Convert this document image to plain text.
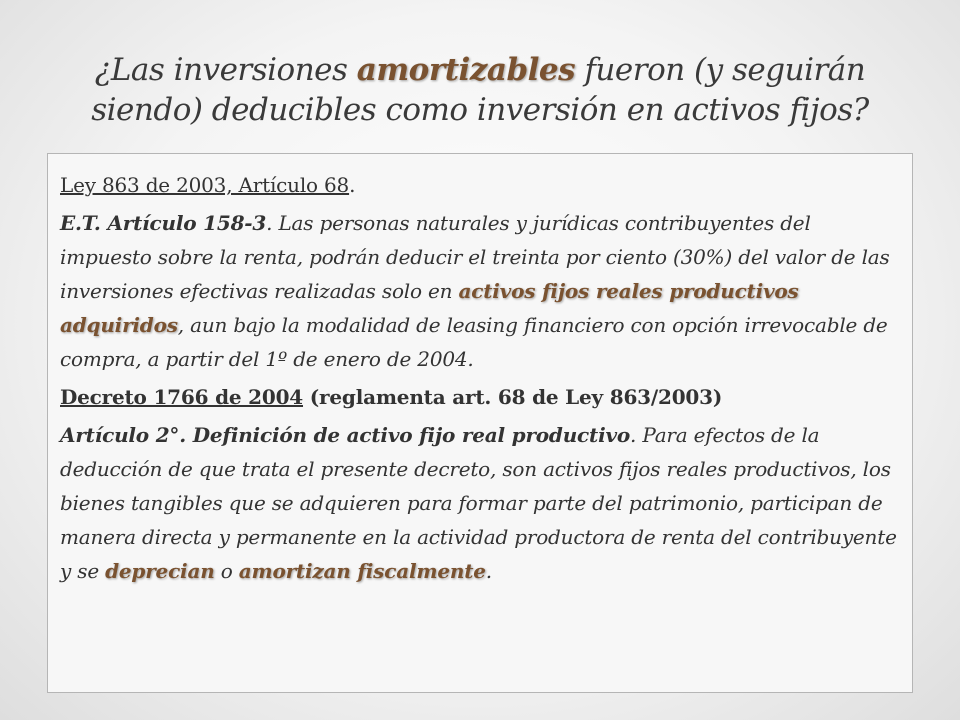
¿Las inversiones amortizables fueron (y seguirán siendo) deducibles como inversión en activos fijos?

Ley 863 de 2003, Artículo 68.

E.T. Artículo 158-3. Las personas naturales y jurídicas contribuyentes del impuesto sobre la renta, podrán deducir el treinta por ciento (30%) del valor de las inversiones efectivas realizadas solo en activos fijos reales productivos adquiridos, aun bajo la modalidad de leasing financiero con opción irrevocable de compra, a partir del 1º de enero de 2004.

Decreto 1766 de 2004 (reglamenta art. 68 de Ley 863/2003)

Artículo 2°. Definición de activo fijo real productivo. Para efectos de la deducción de que trata el presente decreto, son activos fijos reales productivos, los bienes tangibles que se adquieren para formar parte del patrimonio, participan de manera directa y permanente en la actividad productora de renta del contribuyente y se deprecian o amortizan fiscalmente.
